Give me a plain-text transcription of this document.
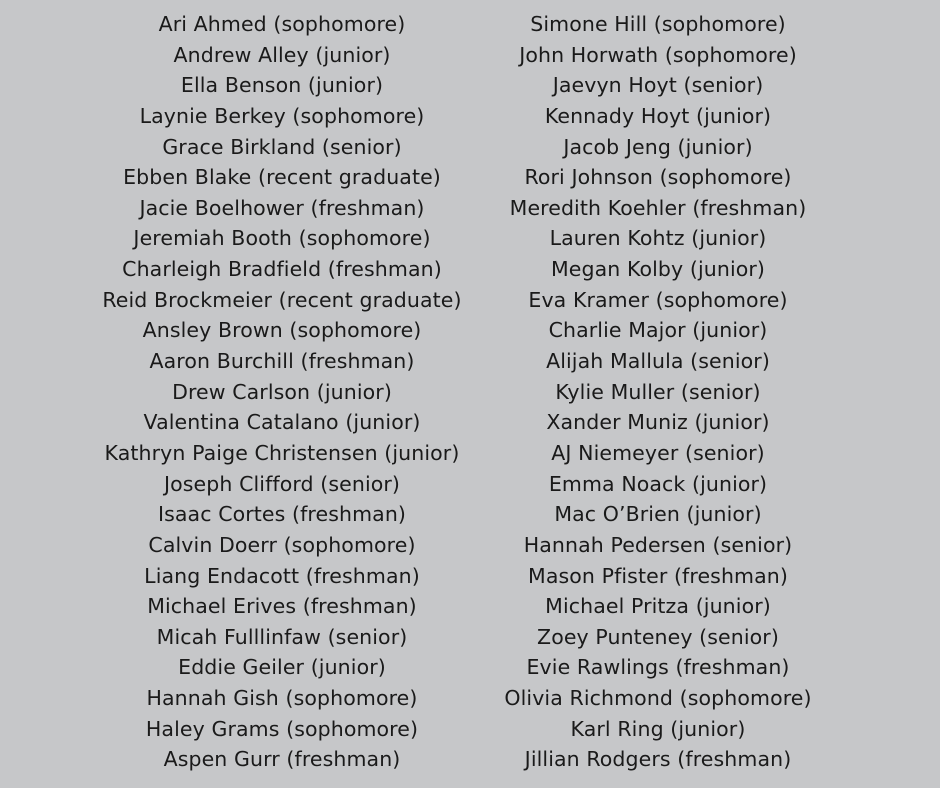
Ari Ahmed (sophomore)
Andrew Alley (junior)
Ella Benson (junior)
Laynie Berkey (sophomore)
Grace Birkland (senior)
Ebben Blake (recent graduate)
Jacie Boelhower (freshman)
Jeremiah Booth (sophomore)
Charleigh Bradfield (freshman)
Reid Brockmeier (recent graduate)
Ansley Brown (sophomore)
Aaron Burchill (freshman)
Drew Carlson (junior)
Valentina Catalano (junior)
Kathryn Paige Christensen (junior)
Joseph Clifford (senior)
Isaac Cortes (freshman)
Calvin Doerr (sophomore)
Liang Endacott (freshman)
Michael Erives (freshman)
Micah Fulllinfaw (senior)
Eddie Geiler (junior)
Hannah Gish (sophomore)
Haley Grams (sophomore)
Aspen Gurr (freshman)
Simone Hill (sophomore)
John Horwath (sophomore)
Jaevyn Hoyt (senior)
Kennady Hoyt (junior)
Jacob Jeng (junior)
Rori Johnson (sophomore)
Meredith Koehler (freshman)
Lauren Kohtz (junior)
Megan Kolby (junior)
Eva Kramer (sophomore)
Charlie Major (junior)
Alijah Mallula (senior)
Kylie Muller (senior)
Xander Muniz (junior)
AJ Niemeyer (senior)
Emma Noack (junior)
Mac O’Brien (junior)
Hannah Pedersen (senior)
Mason Pfister (freshman)
Michael Pritza (junior)
Zoey Punteney (senior)
Evie Rawlings (freshman)
Olivia Richmond (sophomore)
Karl Ring (junior)
Jillian Rodgers (freshman)
